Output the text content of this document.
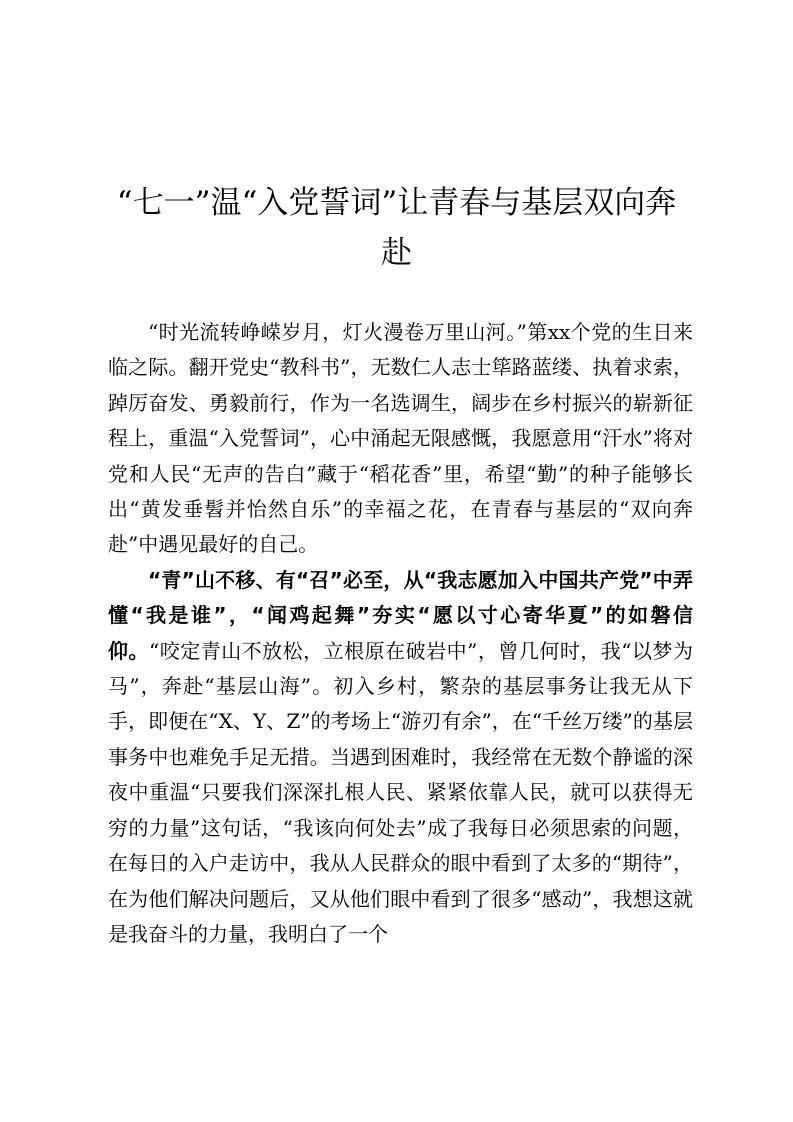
“七一”温“入党誓词”让青春与基层双向奔赴

“时光流转峥嵘岁月，灯火漫卷万里山河。”第xx个党的生日来临之际。翻开党史“教科书”，无数仁人志士筚路蓝缕、执着求索，踔厉奋发、勇毅前行，作为一名选调生，阔步在乡村振兴的崭新征程上，重温“入党誓词”，心中涌起无限感慨，我愿意用“汗水”将对党和人民“无声的告白”藏于“稻花香”里，希望“勤”的种子能够长出“黄发垂髫并怡然自乐”的幸福之花，在青春与基层的“双向奔赴”中遇见最好的自己。

“青”山不移、有“召”必至，从“我志愿加入中国共产党”中弄懂“我是谁”，“闻鸡起舞”夯实“愿以寸心寄华夏”的如磐信仰。“咬定青山不放松，立根原在破岩中”，曾几何时，我“以梦为马”，奔赴“基层山海”。初入乡村，繁杂的基层事务让我无从下手，即便在“X、Y、Z”的考场上“游刃有余”，在“千丝万缕”的基层事务中也难免手足无措。当遇到困难时，我经常在无数个静谧的深夜中重温“只要我们深深扎根人民、紧紧依靠人民，就可以获得无穷的力量”这句话，“我该向何处去”成了我每日必须思索的问题，在每日的入户走访中，我从人民群众的眼中看到了太多的“期待”，在为他们解决问题后，又从他们眼中看到了很多“感动”，我想这就是我奋斗的力量，我明白了一个
